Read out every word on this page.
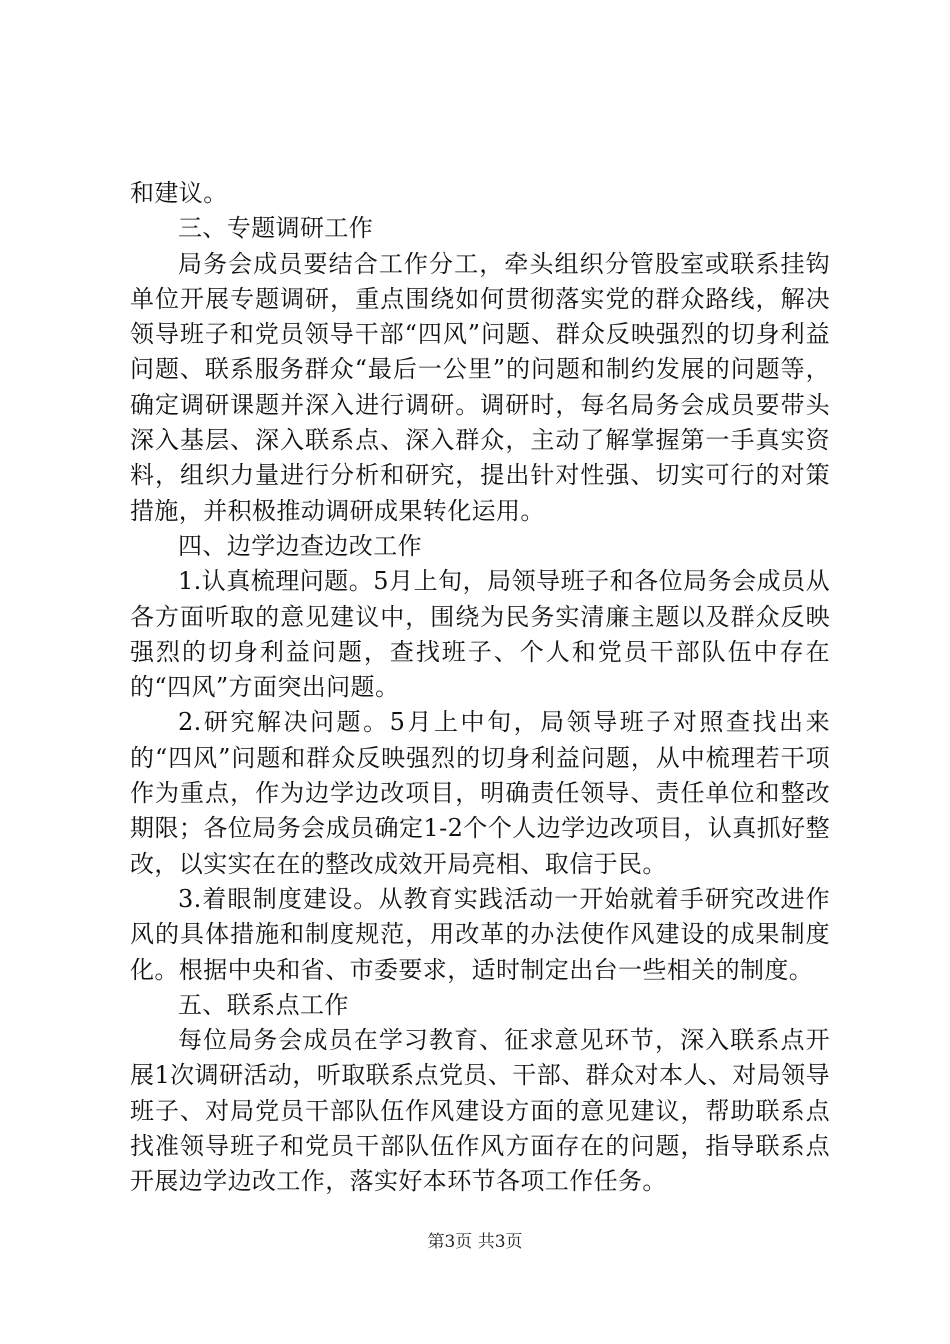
和建议。

三、专题调研工作

局务会成员要结合工作分工，牵头组织分管股室或联系挂钩单位开展专题调研，重点围绕如何贯彻落实党的群众路线，解决领导班子和党员领导干部“四风”问题、群众反映强烈的切身利益问题、联系服务群众“最后一公里”的问题和制约发展的问题等，确定调研课题并深入进行调研。调研时，每名局务会成员要带头深入基层、深入联系点、深入群众，主动了解掌握第一手真实资料，组织力量进行分析和研究，提出针对性强、切实可行的对策措施，并积极推动调研成果转化运用。

四、边学边查边改工作

1.认真梳理问题。5月上旬，局领导班子和各位局务会成员从各方面听取的意见建议中，围绕为民务实清廉主题以及群众反映强烈的切身利益问题，查找班子、个人和党员干部队伍中存在的“四风”方面突出问题。

2.研究解决问题。5月上中旬，局领导班子对照查找出来的“四风”问题和群众反映强烈的切身利益问题，从中梳理若干项作为重点，作为边学边改项目，明确责任领导、责任单位和整改期限；各位局务会成员确定1-2个个人边学边改项目，认真抓好整改，以实实在在的整改成效开局亮相、取信于民。

3.着眼制度建设。从教育实践活动一开始就着手研究改进作风的具体措施和制度规范，用改革的办法使作风建设的成果制度化。根据中央和省、市委要求，适时制定出台一些相关的制度。

五、联系点工作

每位局务会成员在学习教育、征求意见环节，深入联系点开展1次调研活动，听取联系点党员、干部、群众对本人、对局领导班子、对局党员干部队伍作风建设方面的意见建议，帮助联系点找准领导班子和党员干部队伍作风方面存在的问题，指导联系点开展边学边改工作，落实好本环节各项工作任务。

第3页 共3页
